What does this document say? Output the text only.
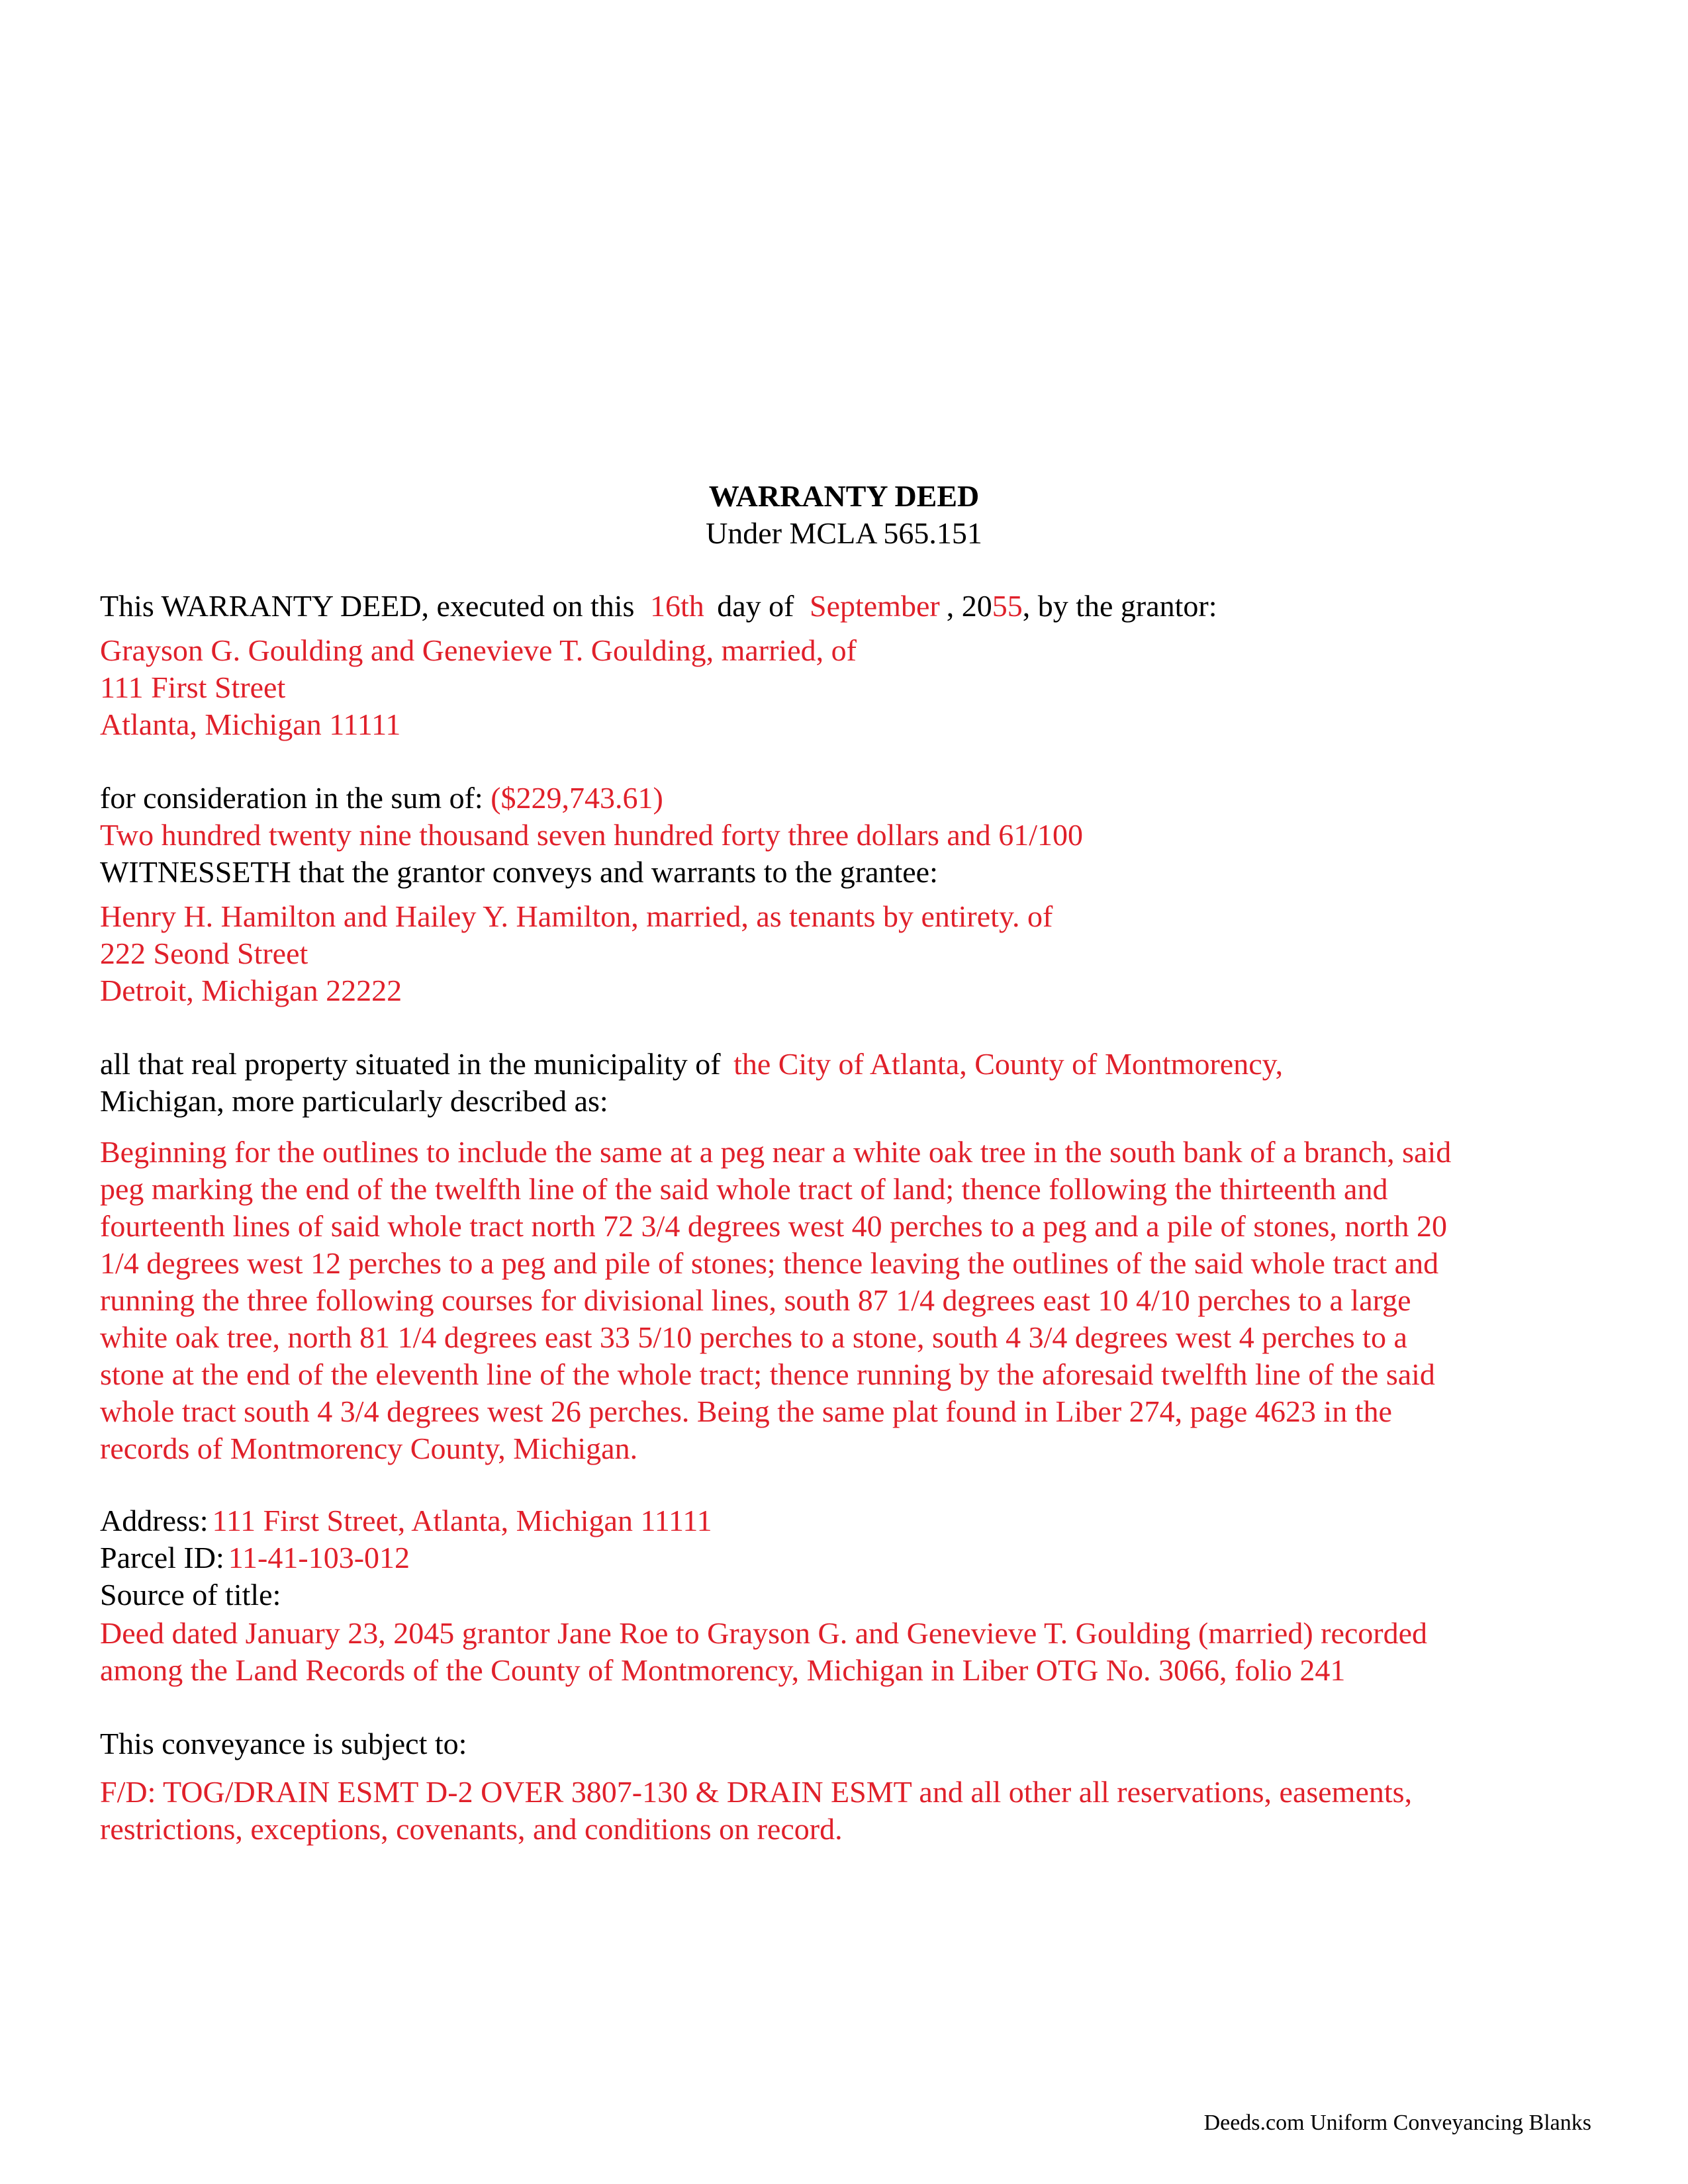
WARRANTY DEED
Under MCLA 565.151
This WARRANTY DEED, executed on this 16th day of September , 2055, by the grantor:
Grayson G. Goulding and Genevieve T. Goulding, married, of
111 First Street
Atlanta, Michigan 11111
for consideration in the sum of: ($229,743.61)
Two hundred twenty nine thousand seven hundred forty three dollars and 61/100
WITNESSETH that the grantor conveys and warrants to the grantee:
Henry H. Hamilton and Hailey Y. Hamilton, married, as tenants by entirety. of
222 Seond Street
Detroit, Michigan 22222
all that real property situated in the municipality of the City of Atlanta, County of Montmorency,
Michigan, more particularly described as:
Beginning for the outlines to include the same at a peg near a white oak tree in the south bank of a branch, said
peg marking the end of the twelfth line of the said whole tract of land; thence following the thirteenth and
fourteenth lines of said whole tract north 72 3/4 degrees west 40 perches to a peg and a pile of stones, north 20
1/4 degrees west 12 perches to a peg and pile of stones; thence leaving the outlines of the said whole tract and
running the three following courses for divisional lines, south 87 1/4 degrees east 10 4/10 perches to a large
white oak tree, north 81 1/4 degrees east 33 5/10 perches to a stone, south 4 3/4 degrees west 4 perches to a
stone at the end of the eleventh line of the whole tract; thence running by the aforesaid twelfth line of the said
whole tract south 4 3/4 degrees west 26 perches. Being the same plat found in Liber 274, page 4623 in the
records of Montmorency County, Michigan.
Address: 111 First Street, Atlanta, Michigan 11111
Parcel ID: 11-41-103-012
Source of title:
Deed dated January 23, 2045 grantor Jane Roe to Grayson G. and Genevieve T. Goulding (married) recorded
among the Land Records of the County of Montmorency, Michigan in Liber OTG No. 3066, folio 241
This conveyance is subject to:
F/D: TOG/DRAIN ESMT D-2 OVER 3807-130 & DRAIN ESMT and all other all reservations, easements,
restrictions, exceptions, covenants, and conditions on record.
Deeds.com Uniform Conveyancing Blanks
